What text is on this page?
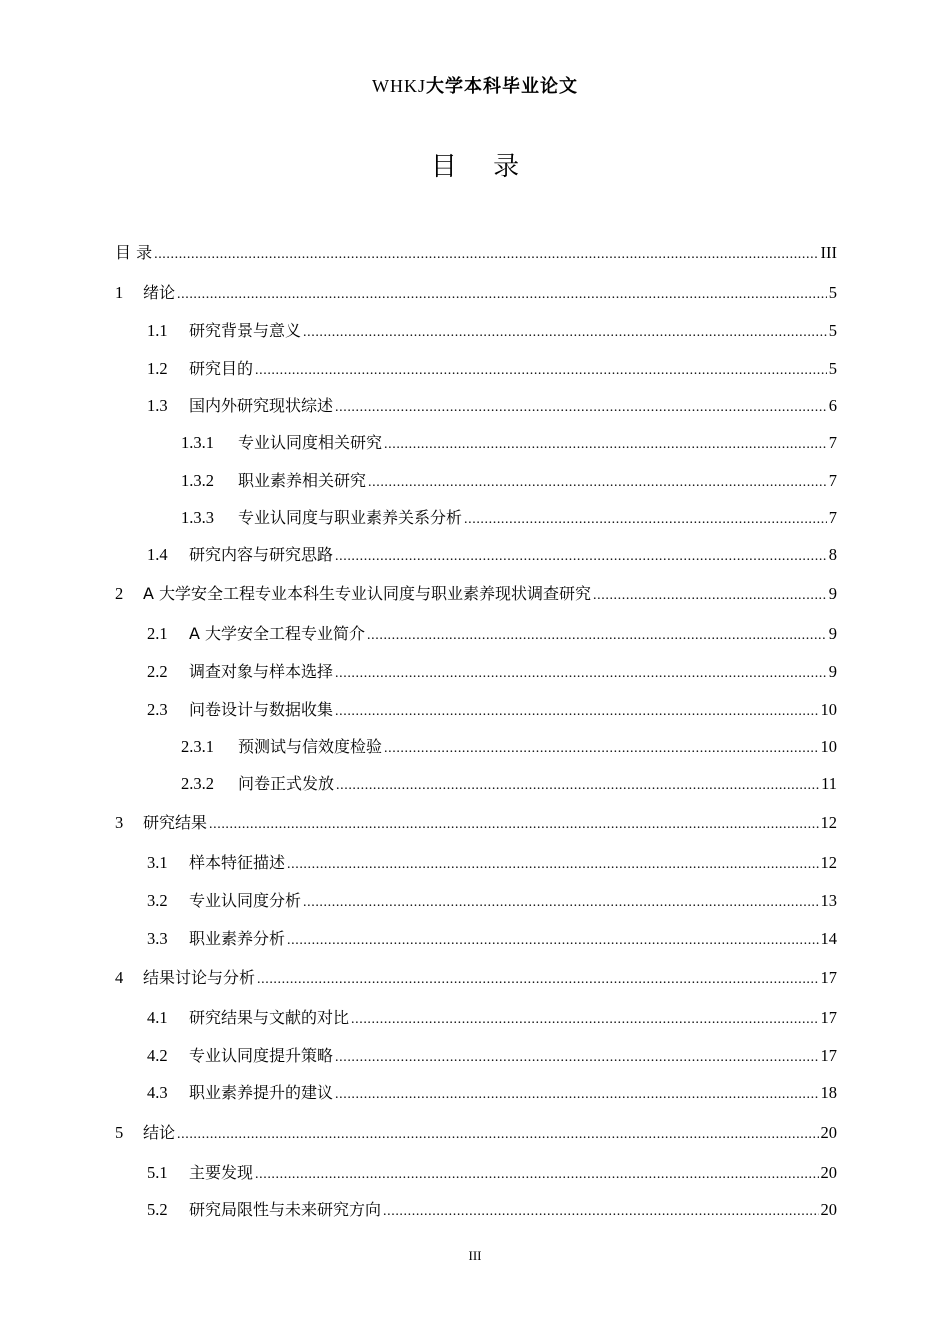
WHKJ大学本科毕业论文
目 录
目 录 .....	III
1	绪论 .....	5
1.1	研究背景与意义 .....	5
1.2	研究目的 .....	5
1.3	国内外研究现状综述 .....	6
1.3.1	专业认同度相关研究 .....	7
1.3.2	职业素养相关研究 .....	7
1.3.3	专业认同度与职业素养关系分析 .....	7
1.4	研究内容与研究思路 .....	8
2	A 大学安全工程专业本科生专业认同度与职业素养现状调查研究 .....	9
2.1	A 大学安全工程专业简介 .....	9
2.2	调查对象与样本选择 .....	9
2.3	问卷设计与数据收集 .....	10
2.3.1	预测试与信效度检验 .....	10
2.3.2	问卷正式发放 .....	11
3	研究结果 .....	12
3.1	样本特征描述 .....	12
3.2	专业认同度分析 .....	13
3.3	职业素养分析 .....	14
4	结果讨论与分析 .....	17
4.1	研究结果与文献的对比 .....	17
4.2	专业认同度提升策略 .....	17
4.3	职业素养提升的建议 .....	18
5	结论 .....	20
5.1	主要发现 .....	20
5.2	研究局限性与未来研究方向 .....	20
III
